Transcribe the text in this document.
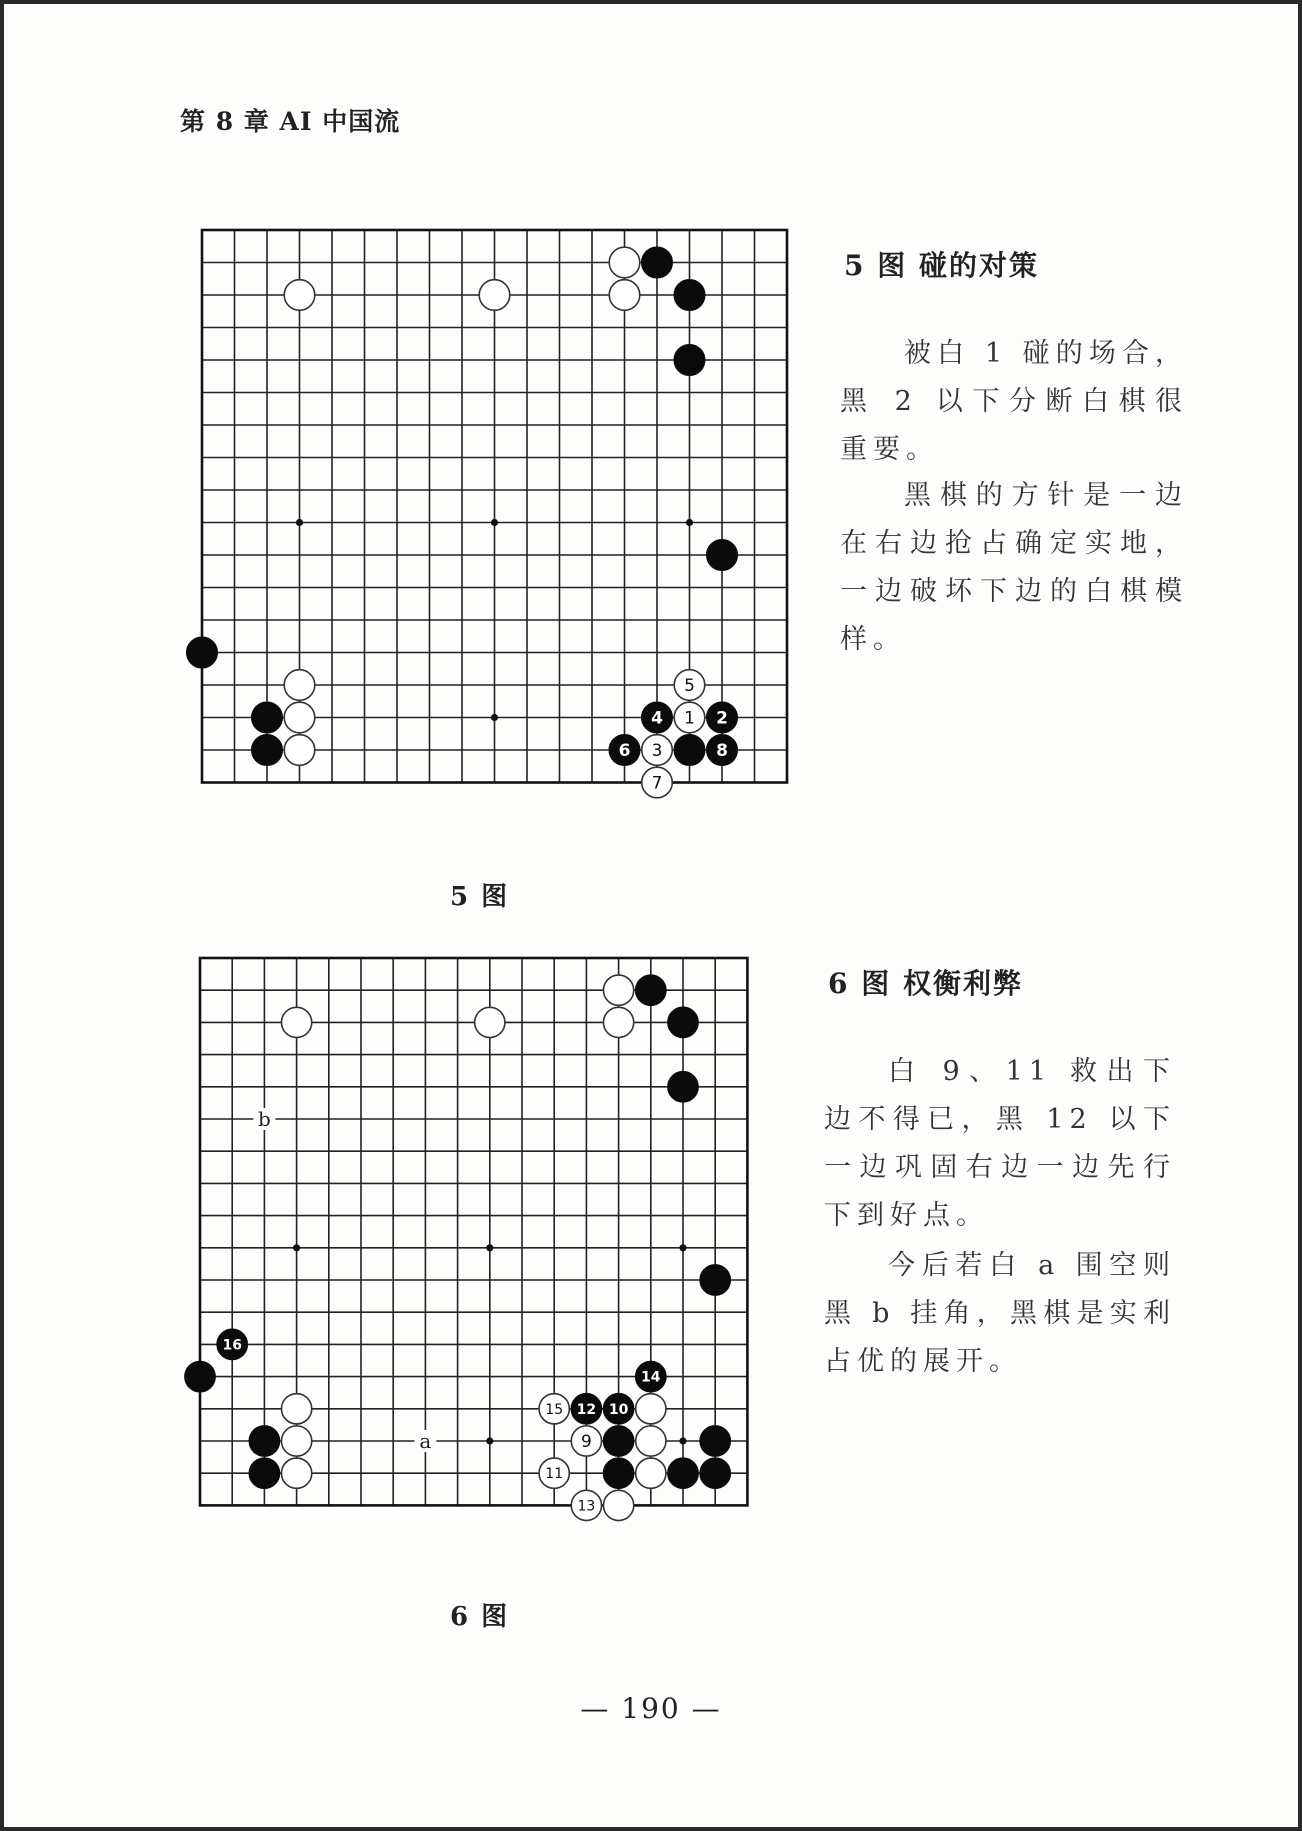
第 8 章 AI 中国流
1 2
3
4
5
6
7
8
5 图
5 图 碰的对策

被白 1 碰的场合，黑 2 以下分断白棋很重要。

黑棋的方针是一边在右边抢占确定实地，一边破坏下边的白棋模样。

9
10
11
12
13
14
15
16
a
b
6 图
6 图 权衡利弊

白 9、11 救出下边不得已，黑 12 以下一边巩固右边一边先行下到好点。

今后若白 a 围空则黑 b 挂角，黑棋是实利占优的展开。

— 190 —
